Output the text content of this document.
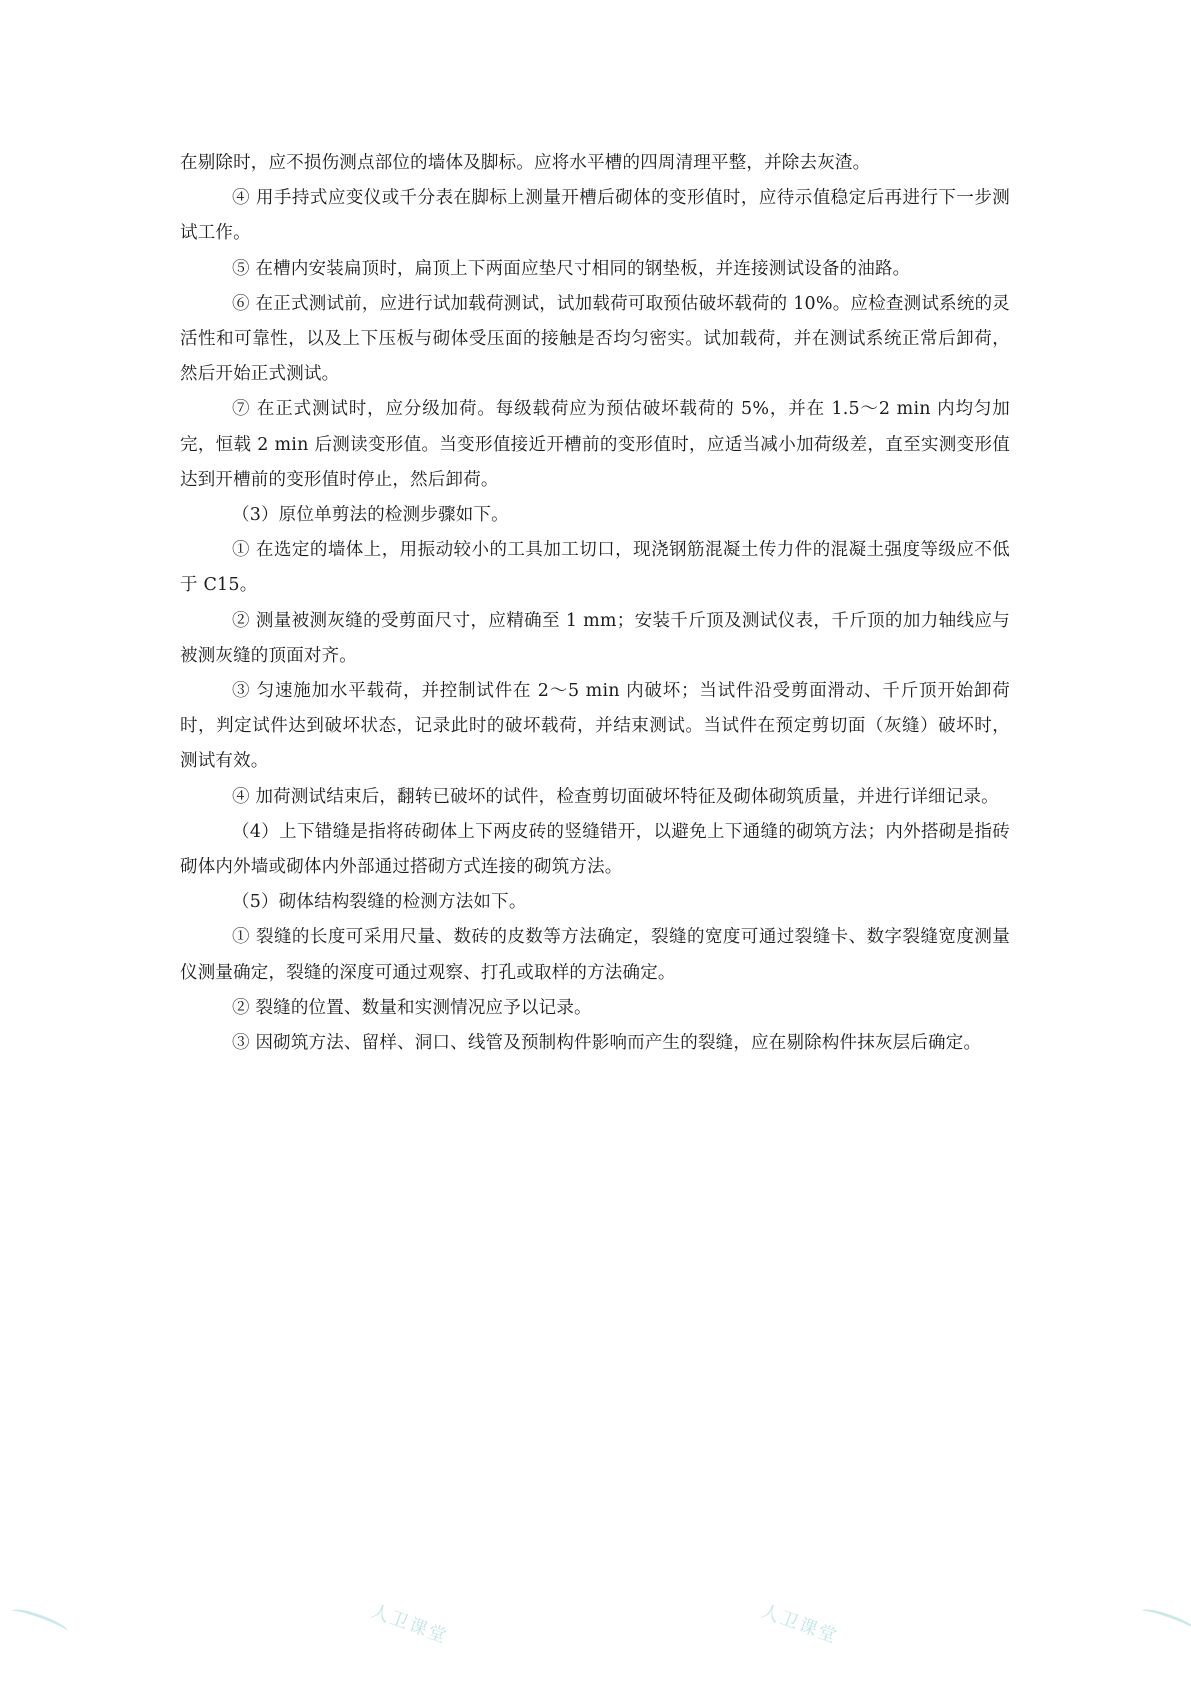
在剔除时，应不损伤测点部位的墙体及脚标。应将水平槽的四周清理平整，并除去灰渣。

④ 用手持式应变仪或千分表在脚标上测量开槽后砌体的变形值时，应待示值稳定后再进行下一步测试工作。

⑤ 在槽内安装扁顶时，扁顶上下两面应垫尺寸相同的钢垫板，并连接测试设备的油路。

⑥ 在正式测试前，应进行试加载荷测试，试加载荷可取预估破坏载荷的 10%。应检查测试系统的灵活性和可靠性，以及上下压板与砌体受压面的接触是否均匀密实。试加载荷，并在测试系统正常后卸荷，然后开始正式测试。

⑦ 在正式测试时，应分级加荷。每级载荷应为预估破坏载荷的 5%，并在 1.5～2 min 内均匀加完，恒载 2 min 后测读变形值。当变形值接近开槽前的变形值时，应适当减小加荷级差，直至实测变形值达到开槽前的变形值时停止，然后卸荷。

（3）原位单剪法的检测步骤如下。

① 在选定的墙体上，用振动较小的工具加工切口，现浇钢筋混凝土传力件的混凝土强度等级应不低于 C15。

② 测量被测灰缝的受剪面尺寸，应精确至 1 mm；安装千斤顶及测试仪表，千斤顶的加力轴线应与被测灰缝的顶面对齐。

③ 匀速施加水平载荷，并控制试件在 2～5 min 内破坏；当试件沿受剪面滑动、千斤顶开始卸荷时，判定试件达到破坏状态，记录此时的破坏载荷，并结束测试。当试件在预定剪切面（灰缝）破坏时，测试有效。

④ 加荷测试结束后，翻转已破坏的试件，检查剪切面破坏特征及砌体砌筑质量，并进行详细记录。

（4）上下错缝是指将砖砌体上下两皮砖的竖缝错开，以避免上下通缝的砌筑方法；内外搭砌是指砖砌体内外墙或砌体内外部通过搭砌方式连接的砌筑方法。

（5）砌体结构裂缝的检测方法如下。

① 裂缝的长度可采用尺量、数砖的皮数等方法确定，裂缝的宽度可通过裂缝卡、数字裂缝宽度测量仪测量确定，裂缝的深度可通过观察、打孔或取样的方法确定。

② 裂缝的位置、数量和实测情况应予以记录。

③ 因砌筑方法、留样、洞口、线管及预制构件影响而产生的裂缝，应在剔除构件抹灰层后确定。

人卫课堂	人卫课堂
